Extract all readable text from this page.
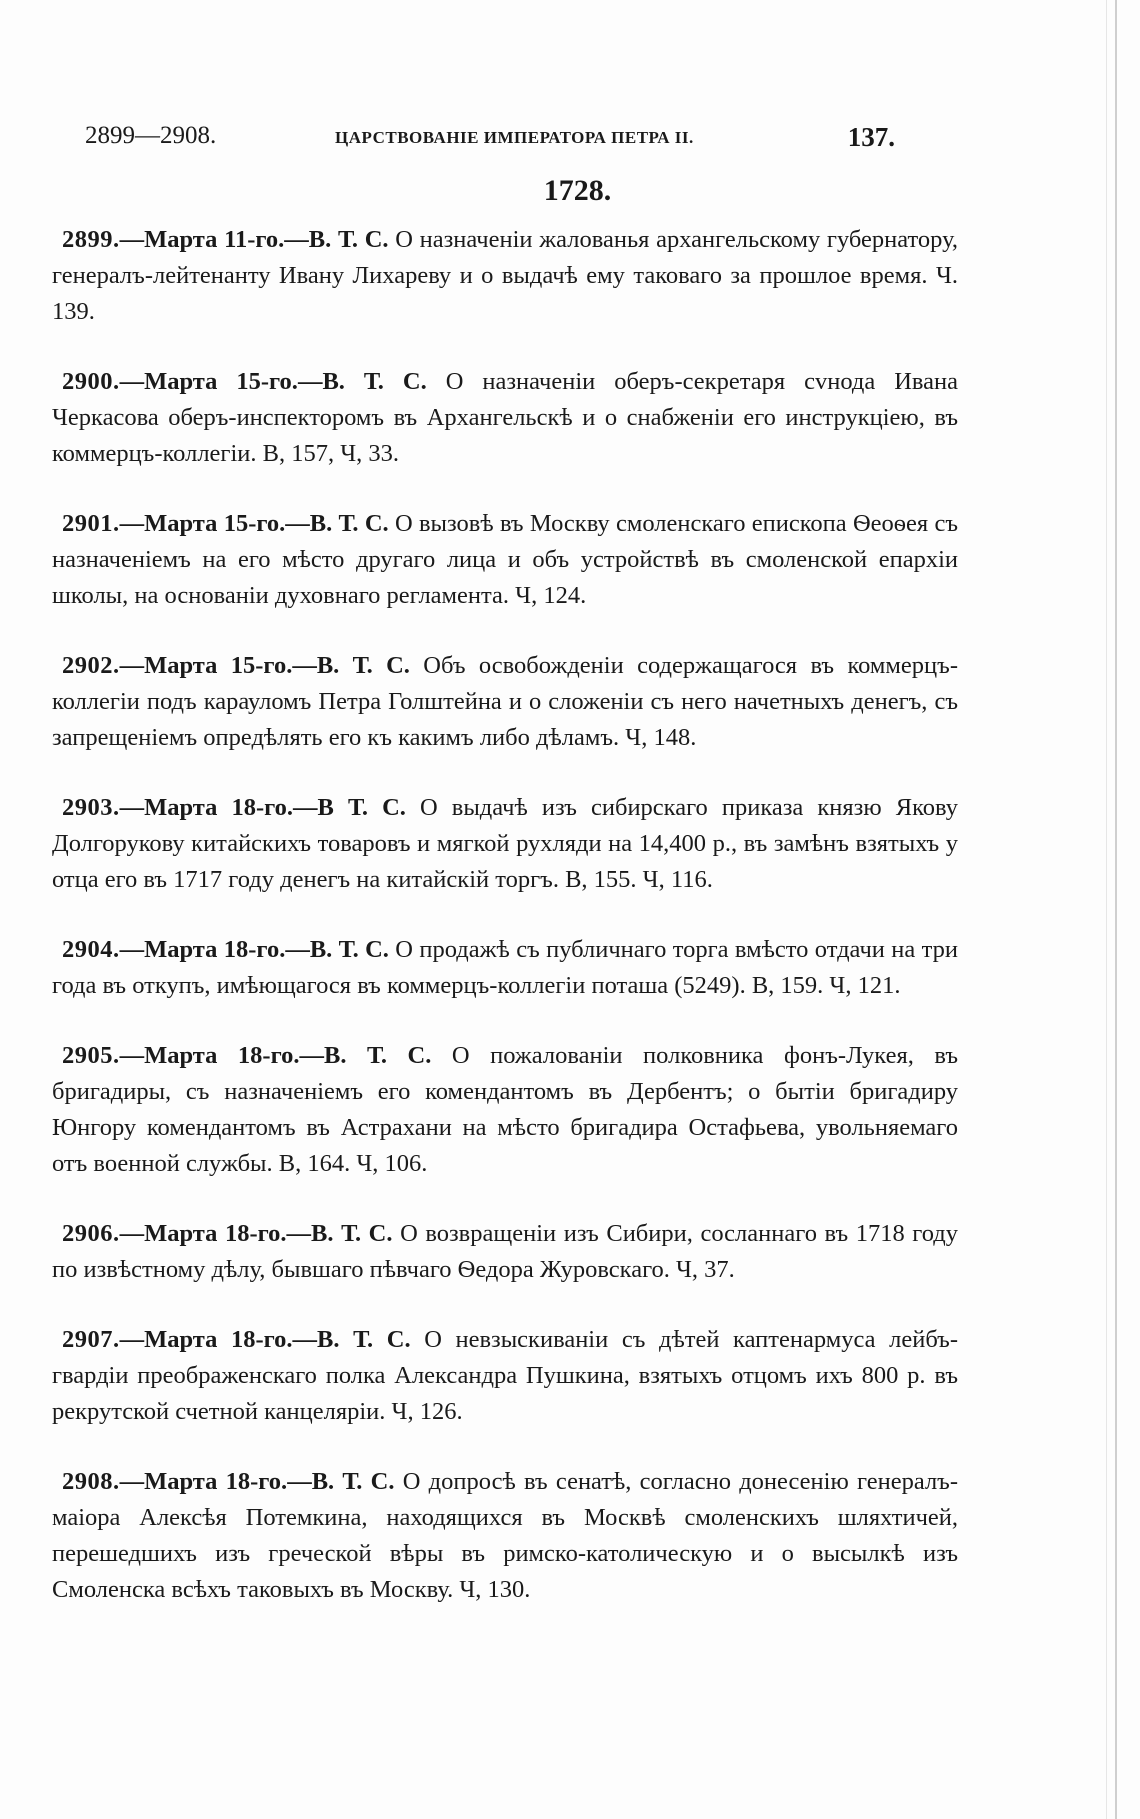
2899—2908.	ЦАРСТВОВАНІЕ ИМПЕРАТОРА ПЕТРА II.	137.
1728.

2899.—Марта 11-го.—В. Т. С. О назначеніи жалованья архангельскому губернатору, генералъ-лейтенанту Ивану Лихареву и о выдачѣ ему таковаго за прошлое время. Ч. 139.

2900.—Марта 15-го.—В. Т. С. О назначеніи оберъ-секретаря сvнода Ивана Черкасова оберъ-инспекторомъ въ Архангельскѣ и о снабженіи его инструкціею, въ коммерцъ-коллегіи. В, 157, Ч, 33.

2901.—Марта 15-го.—В. Т. С. О вызовѣ въ Москву смоленскаго епископа Ѳеоѳея съ назначеніемъ на его мѣсто другаго лица и объ устройствѣ въ смоленской епархіи школы, на основаніи духовнаго регламента. Ч, 124.

2902.—Марта 15-го.—В. Т. С. Объ освобожденіи содержащагося въ коммерцъ-коллегіи подъ карауломъ Петра Голштейна и о сложеніи съ него начетныхъ денегъ, съ запрещеніемъ опредѣлять его къ какимъ либо дѣламъ. Ч, 148.

2903.—Марта 18-го.—В Т. С. О выдачѣ изъ сибирскаго приказа князю Якову Долгорукову китайскихъ товаровъ и мягкой рухляди на 14,400 р., въ замѣнъ взятыхъ у отца его въ 1717 году денегъ на китайскій торгъ. В, 155. Ч, 116.

2904.—Марта 18-го.—В. Т. С. О продажѣ съ публичнаго торга вмѣсто отдачи на три года въ откупъ, имѣющагося въ коммерцъ-коллегіи поташа (5249). В, 159. Ч, 121.

2905.—Марта 18-го.—В. Т. С. О пожалованіи полковника фонъ-Лукея, въ бригадиры, съ назначеніемъ его комендантомъ въ Дербентъ; о бытіи бригадиру Юнгору комендантомъ въ Астрахани на мѣсто бригадира Остафьева, увольняемаго отъ военной службы. В, 164. Ч, 106.

2906.—Марта 18-го.—В. Т. С. О возвращеніи изъ Сибири, сосланнаго въ 1718 году по извѣстному дѣлу, бывшаго пѣвчаго Ѳедора Журовскаго. Ч, 37.

2907.—Марта 18-го.—В. Т. С. О невзыскиваніи съ дѣтей каптенармуса лейбъ-гвардіи преображенскаго полка Александра Пушкина, взятыхъ отцомъ ихъ 800 р. въ рекрутской счетной канцеляріи. Ч, 126.

2908.—Марта 18-го.—В. Т. С. О допросѣ въ сенатѣ, согласно донесенію генералъ-маіора Алексѣя Потемкина, находящихся въ Москвѣ смоленскихъ шляхтичей, перешедшихъ изъ греческой вѣры въ римско-католическую и о высылкѣ изъ Смоленска всѣхъ таковыхъ въ Москву. Ч, 130.
